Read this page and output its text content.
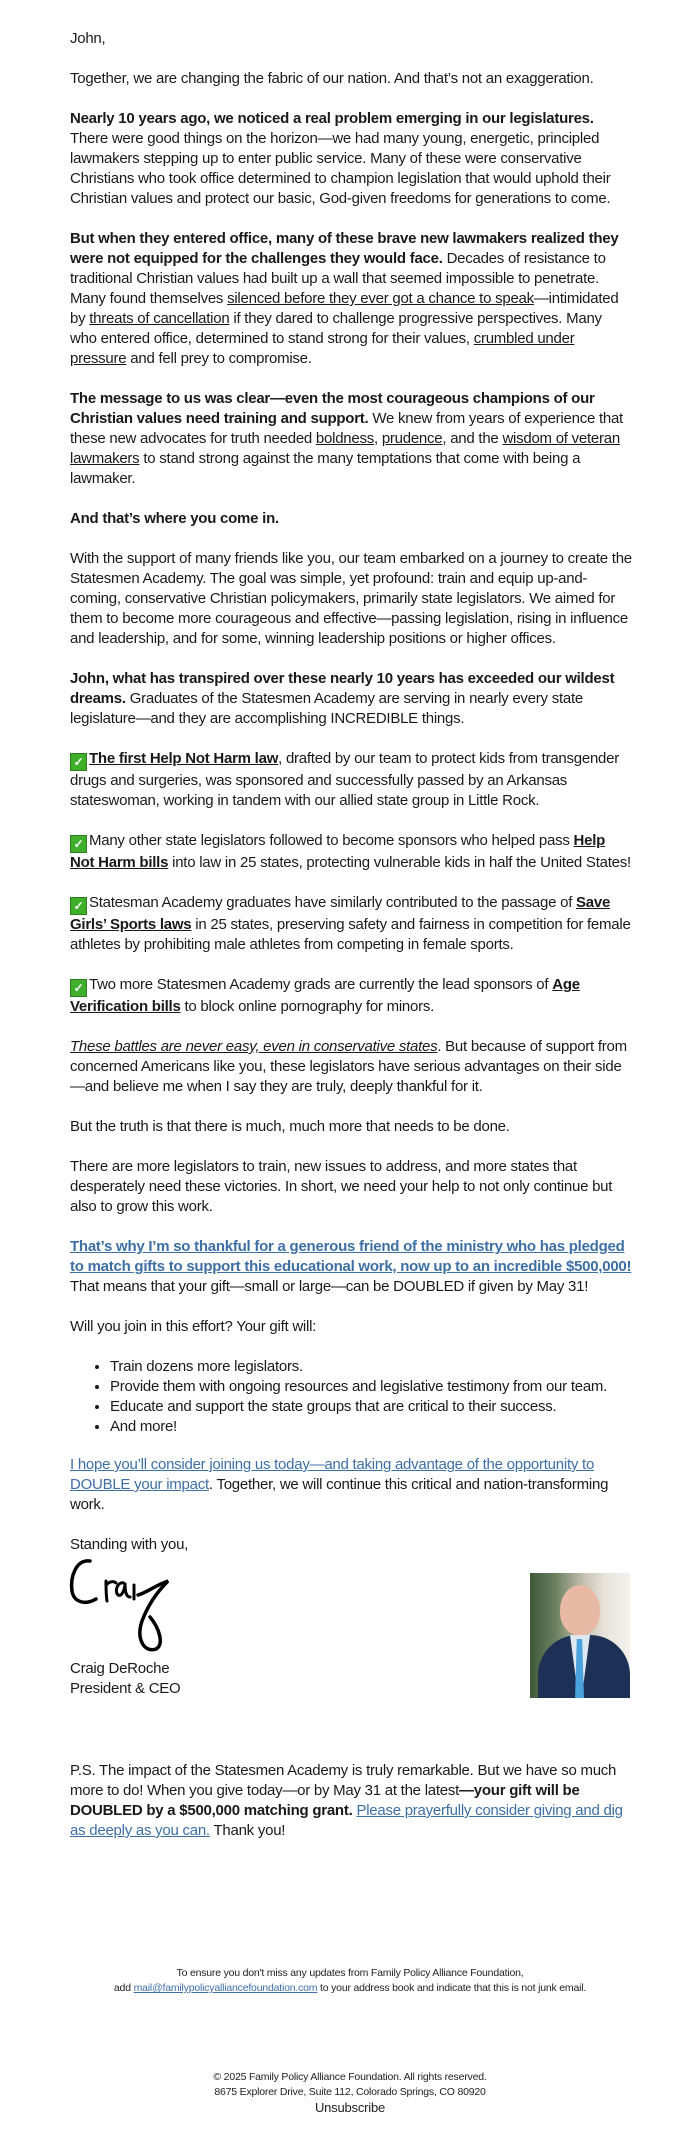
John,

Together, we are changing the fabric of our nation. And that’s not an exaggeration.

Nearly 10 years ago, we noticed a real problem emerging in our legislatures. There were good things on the horizon—we had many young, energetic, principled lawmakers stepping up to enter public service. Many of these were conservative Christians who took office determined to champion legislation that would uphold their Christian values and protect our basic, God-given freedoms for generations to come.

But when they entered office, many of these brave new lawmakers realized they were not equipped for the challenges they would face. Decades of resistance to traditional Christian values had built up a wall that seemed impossible to penetrate. Many found themselves silenced before they ever got a chance to speak—intimidated by threats of cancellation if they dared to challenge progressive perspectives. Many who entered office, determined to stand strong for their values, crumbled under pressure and fell prey to compromise.

The message to us was clear—even the most courageous champions of our Christian values need training and support. We knew from years of experience that these new advocates for truth needed boldness, prudence, and the wisdom of veteran lawmakers to stand strong against the many temptations that come with being a lawmaker.

And that’s where you come in.

With the support of many friends like you, our team embarked on a journey to create the Statesmen Academy. The goal was simple, yet profound: train and equip up-and-coming, conservative Christian policymakers, primarily state legislators. We aimed for them to become more courageous and effective—passing legislation, rising in influence and leadership, and for some, winning leadership positions or higher offices.

John, what has transpired over these nearly 10 years has exceeded our wildest dreams. Graduates of the Statesmen Academy are serving in nearly every state legislature—and they are accomplishing INCREDIBLE things.

✓ The first Help Not Harm law, drafted by our team to protect kids from transgender drugs and surgeries, was sponsored and successfully passed by an Arkansas stateswoman, working in tandem with our allied state group in Little Rock.

✓ Many other state legislators followed to become sponsors who helped pass Help Not Harm bills into law in 25 states, protecting vulnerable kids in half the United States!

✓ Statesman Academy graduates have similarly contributed to the passage of Save Girls’ Sports laws in 25 states, preserving safety and fairness in competition for female athletes by prohibiting male athletes from competing in female sports.

✓ Two more Statesmen Academy grads are currently the lead sponsors of Age Verification bills to block online pornography for minors.

These battles are never easy, even in conservative states. But because of support from concerned Americans like you, these legislators have serious advantages on their side—and believe me when I say they are truly, deeply thankful for it.

But the truth is that there is much, much more that needs to be done.

There are more legislators to train, new issues to address, and more states that desperately need these victories. In short, we need your help to not only continue but also to grow this work.

That’s why I’m so thankful for a generous friend of the ministry who has pledged to match gifts to support this educational work, now up to an incredible $500,000! That means that your gift—small or large—can be DOUBLED if given by May 31!

Will you join in this effort? Your gift will:

• Train dozens more legislators.
• Provide them with ongoing resources and legislative testimony from our team.
• Educate and support the state groups that are critical to their success.
• And more!

I hope you’ll consider joining us today—and taking advantage of the opportunity to DOUBLE your impact. Together, we will continue this critical and nation-transforming work.

Standing with you,
Craig DeRoche
President & CEO

P.S. The impact of the Statesmen Academy is truly remarkable. But we have so much more to do! When you give today—or by May 31 at the latest—your gift will be DOUBLED by a $500,000 matching grant. Please prayerfully consider giving and dig as deeply as you can. Thank you!

To ensure you don't miss any updates from Family Policy Alliance Foundation,
add mail@familypolicyalliancefoundation.com to your address book and indicate that this is not junk email.
© 2025 Family Policy Alliance Foundation. All rights reserved.
8675 Explorer Drive, Suite 112, Colorado Springs, CO 80920
Unsubscribe
